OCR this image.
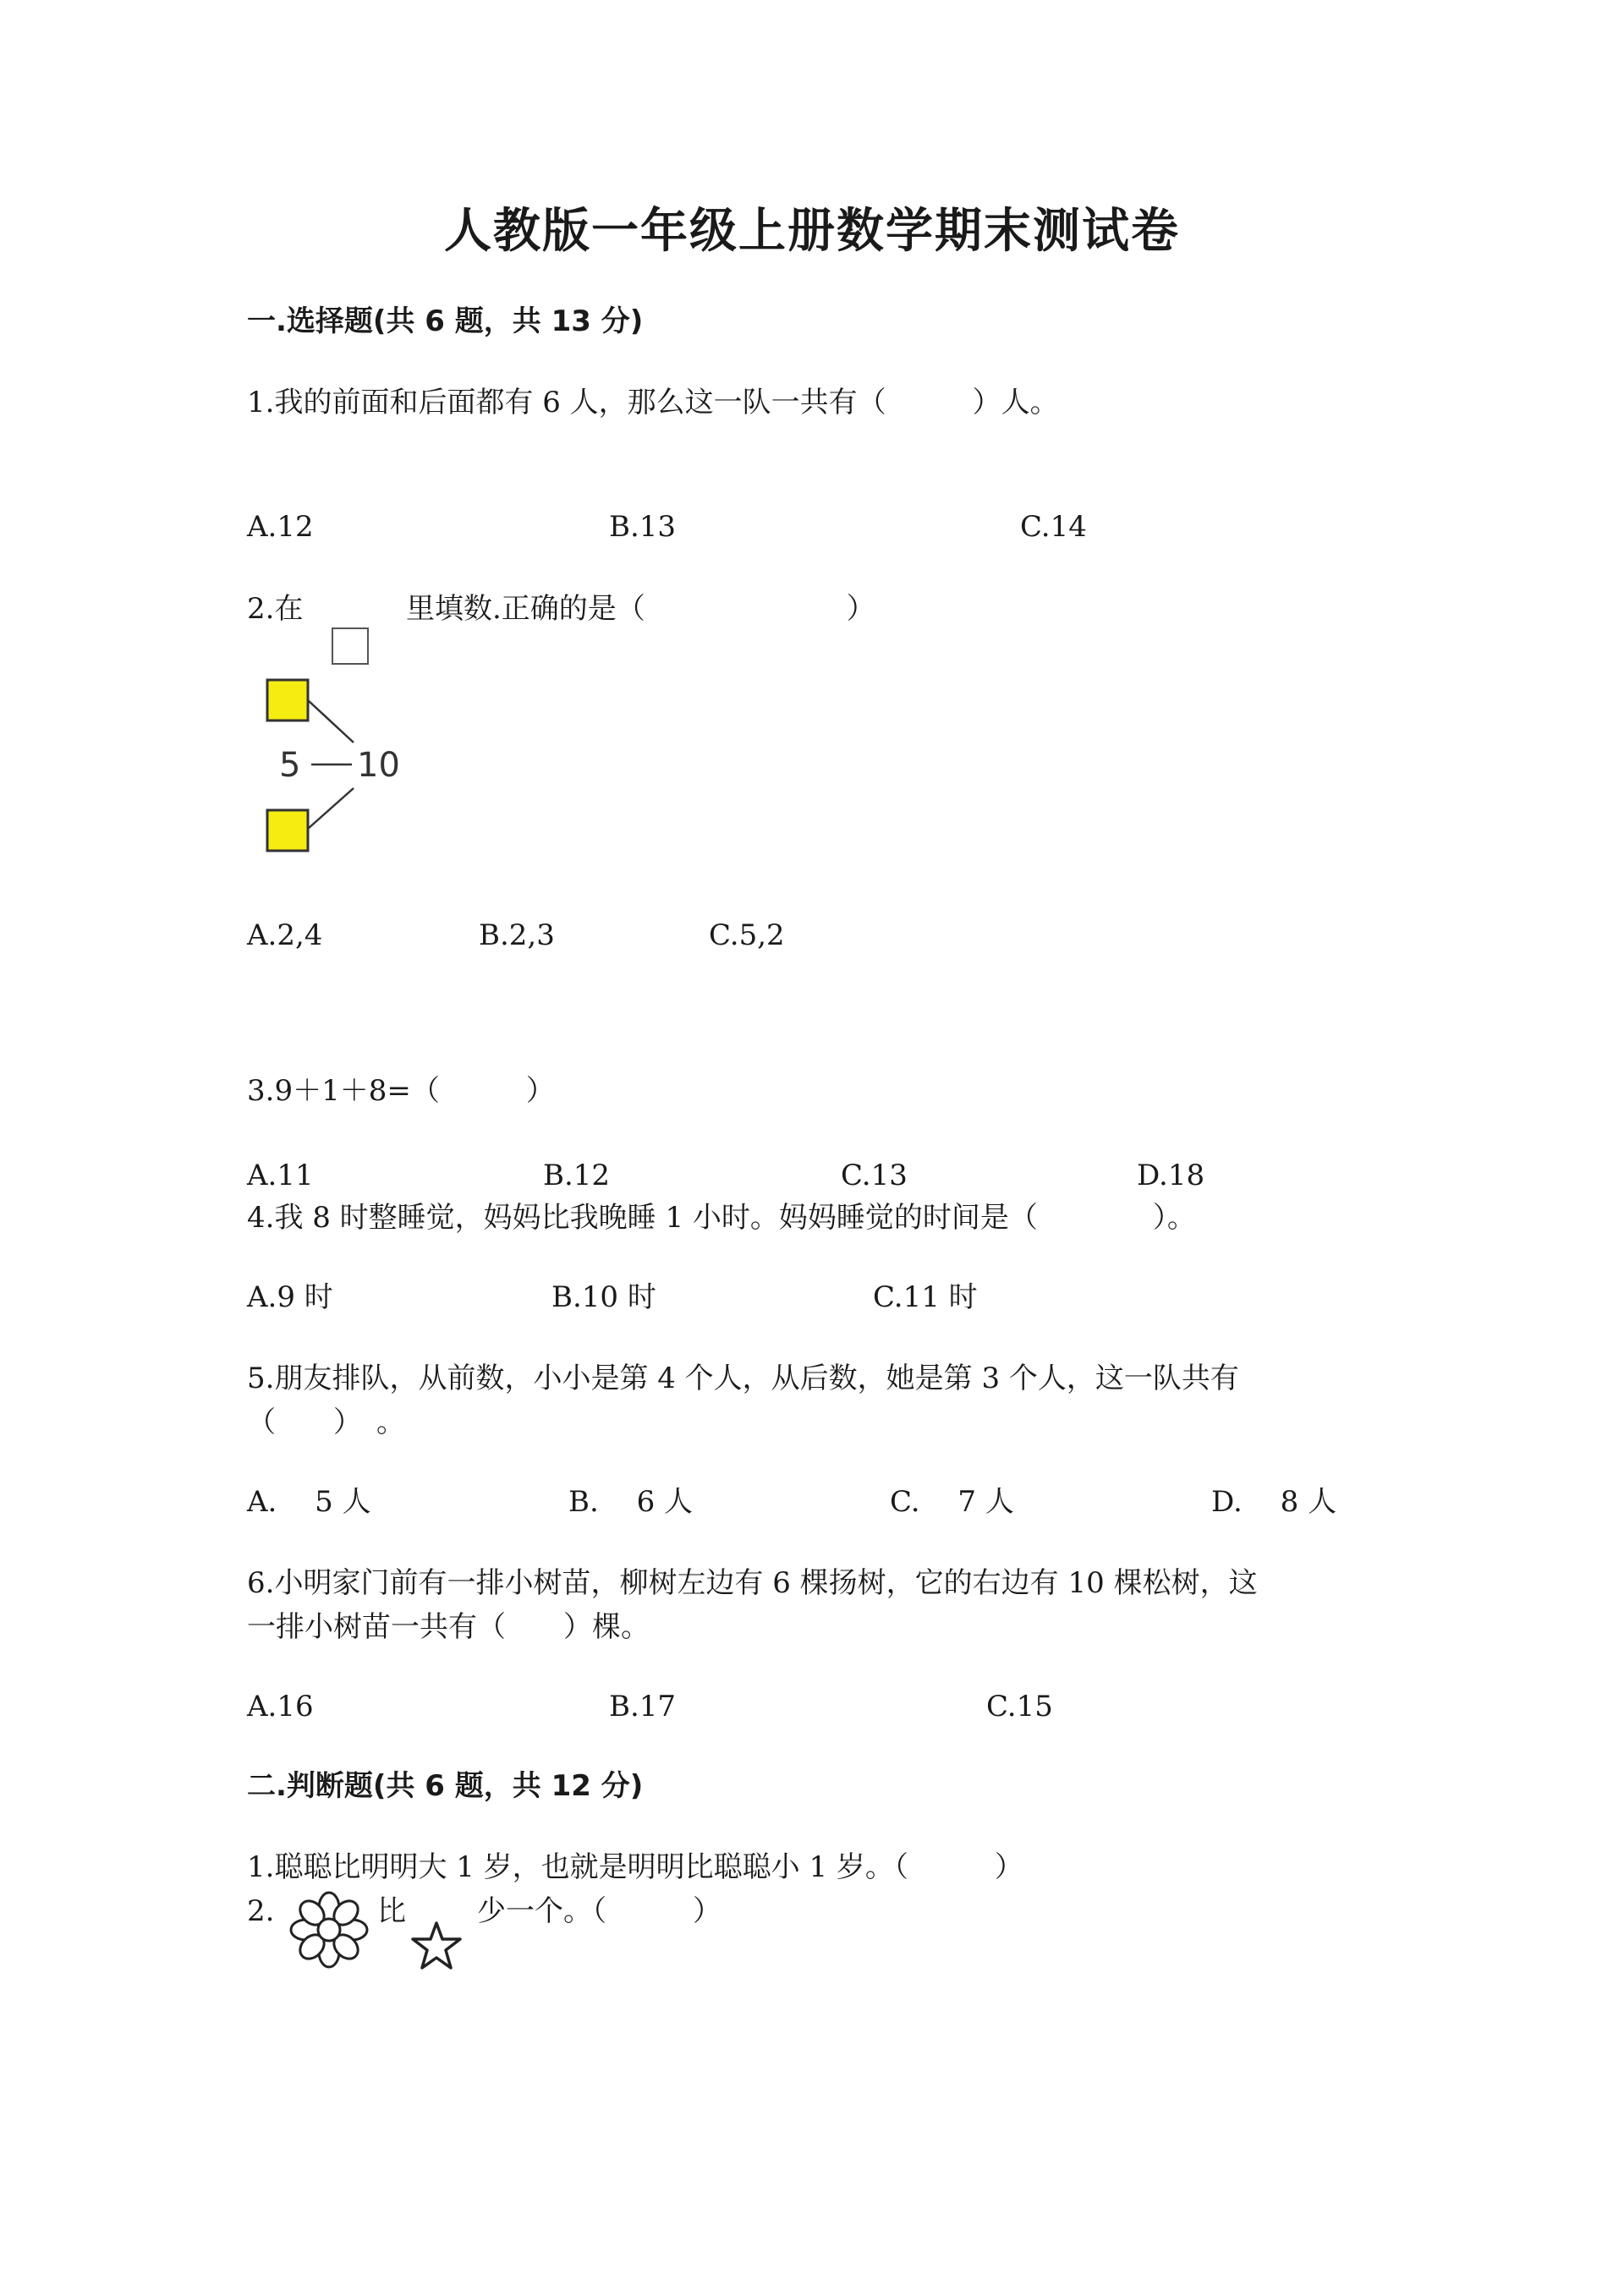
人教版一年级上册数学期末测试卷
一.选择题(共 6 题，共 13 分)
1.我的前面和后面都有 6 人，那么这一队一共有（　　　）人。
A.12	B.13	C.14
2.在	里填数.正确的是（　　　　　　　）
5 10
A.2,4	B.2,3	C.5,2
3.9＋1＋8=（　　　）
A.11	B.12	C.13	D.18
4.我 8 时整睡觉，妈妈比我晚睡 1 小时。妈妈睡觉的时间是（　　　　）。
A.9 时	B.10 时	C.11 时
5.朋友排队，从前数，小小是第 4 个人，从后数，她是第 3 个人，这一队共有
（　　）　。
A.　 5 人	B.　 6 人	C.　 7 人	D.　 8 人
6.小明家门前有一排小树苗，柳树左边有 6 棵扬树，它的右边有 10 棵松树，这
一排小树苗一共有（　　）棵。
A.16	B.17	C.15
二.判断题(共 6 题，共 12 分)
1.聪聪比明明大 1 岁，也就是明明比聪聪小 1 岁。（　　　）
2.	比 少一个。（　　　）
